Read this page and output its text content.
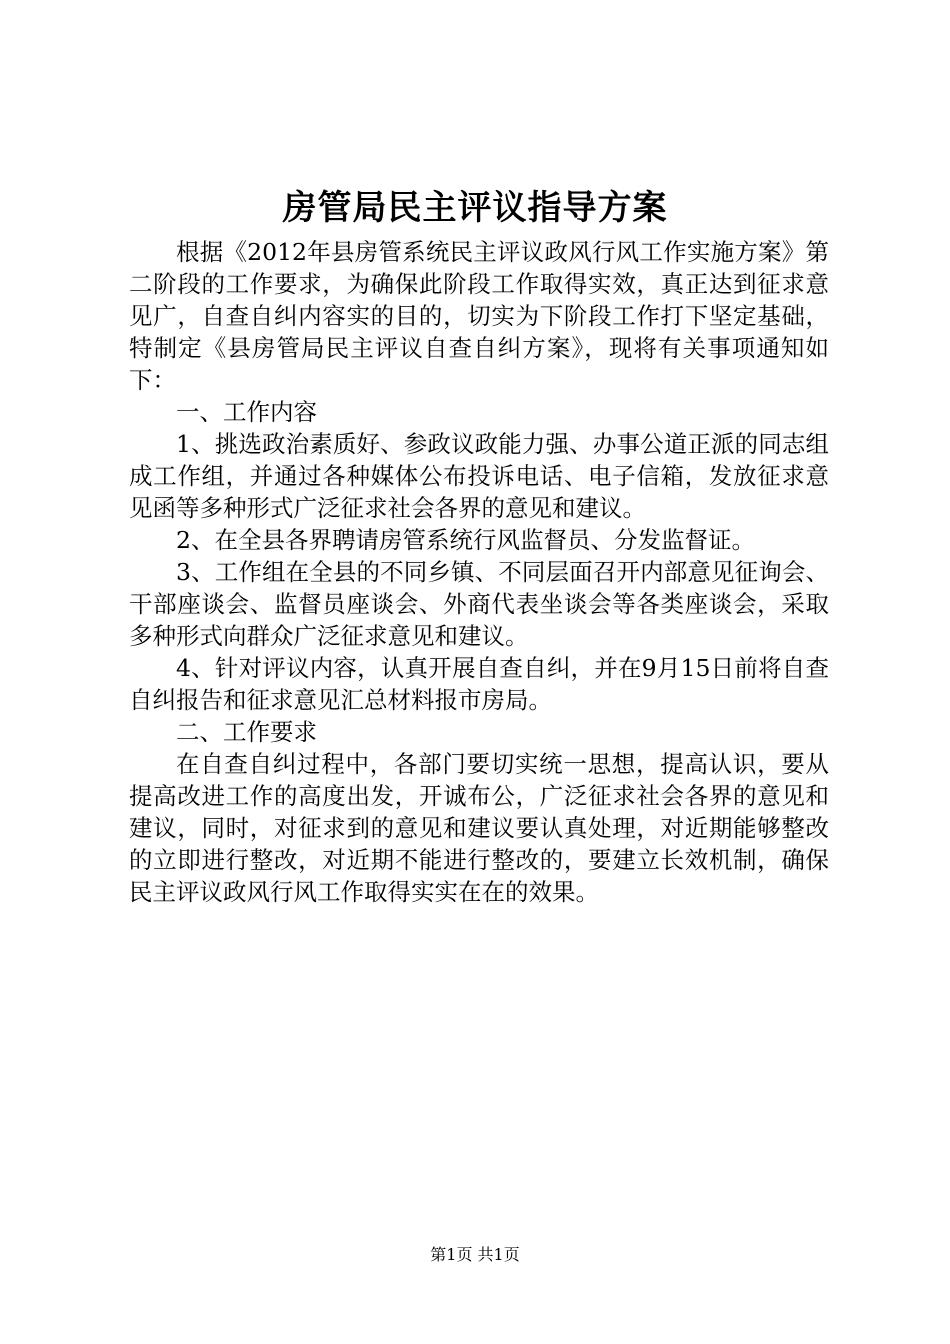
房管局民主评议指导方案

根据《2012年县房管系统民主评议政风行风工作实施方案》第二阶段的工作要求，为确保此阶段工作取得实效，真正达到征求意见广，自查自纠内容实的目的，切实为下阶段工作打下坚定基础，特制定《县房管局民主评议自查自纠方案》，现将有关事项通知如下：

一、工作内容

1、挑选政治素质好、参政议政能力强、办事公道正派的同志组成工作组，并通过各种媒体公布投诉电话、电子信箱，发放征求意见函等多种形式广泛征求社会各界的意见和建议。

2、在全县各界聘请房管系统行风监督员、分发监督证。

3、工作组在全县的不同乡镇、不同层面召开内部意见征询会、干部座谈会、监督员座谈会、外商代表坐谈会等各类座谈会，采取多种形式向群众广泛征求意见和建议。

4、针对评议内容，认真开展自查自纠，并在9月15日前将自查自纠报告和征求意见汇总材料报市房局。

二、工作要求

在自查自纠过程中，各部门要切实统一思想，提高认识，要从提高改进工作的高度出发，开诚布公，广泛征求社会各界的意见和建议，同时，对征求到的意见和建议要认真处理，对近期能够整改的立即进行整改，对近期不能进行整改的，要建立长效机制，确保民主评议政风行风工作取得实实在在的效果。

第1页 共1页
